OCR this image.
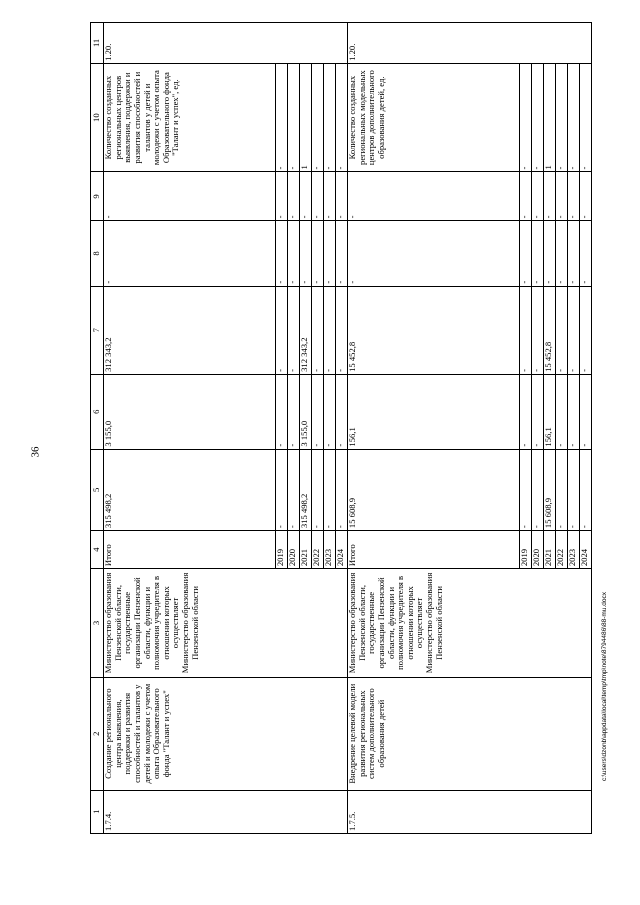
36
c:\users\dzonb\appdata\local\temp\tmp\note\8794486\88-mu.docx
1	2	3	4	5	6	7	8	9	10	11
1.7.4.	Создание регионального центра выявления, поддержки и развития способностей и талантов у детей и молодежи с учетом опыта Образовательного фонда "Талант и успех"	Министерство образования Пензенской области, государственные организации Пензенской области, функции и полномочия учредителя в отношении которых осуществляет Министерство образования Пензенской области	Итого	315 498,2	3 155,0	312 343,2	-	-	Количество созданных региональных центров выявления, поддержки и развития способностей и талантов у детей и молодежи с учетом опыта Образовательного фонда "Талант и успех", ед.	1.20.
			2019	-	-	-	-	-	-	
			2020	-	-	-	-	-	-	
			2021	315 498,2	3 155,0	312 343,2	-	-	1	
			2022	-	-	-	-	-	-	
			2023	-	-	-	-	-	-	
			2024	-	-	-	-	-	-	
1.7.5.	Внедрение целевой модели развития региональных систем дополнительного образования детей	Министерство образования Пензенской области, государственные организации Пензенской области, функции и полномочия учредителя в отношении которых осуществляет Министерство образования Пензенской области	Итого	15 608,9	156,1	15 452,8	-	-	Количество созданных региональных модельных центров дополнительного образования детей, ед.	1.20.
			2019	-	-	-	-	-	-	
			2020	-	-	-	-	-	-	
			2021	15 608,9	156,1	15 452,8	-	-	1	
			2022	-	-	-	-	-	-	
			2023	-	-	-	-	-	-	
			2024	-	-	-	-	-	-	
